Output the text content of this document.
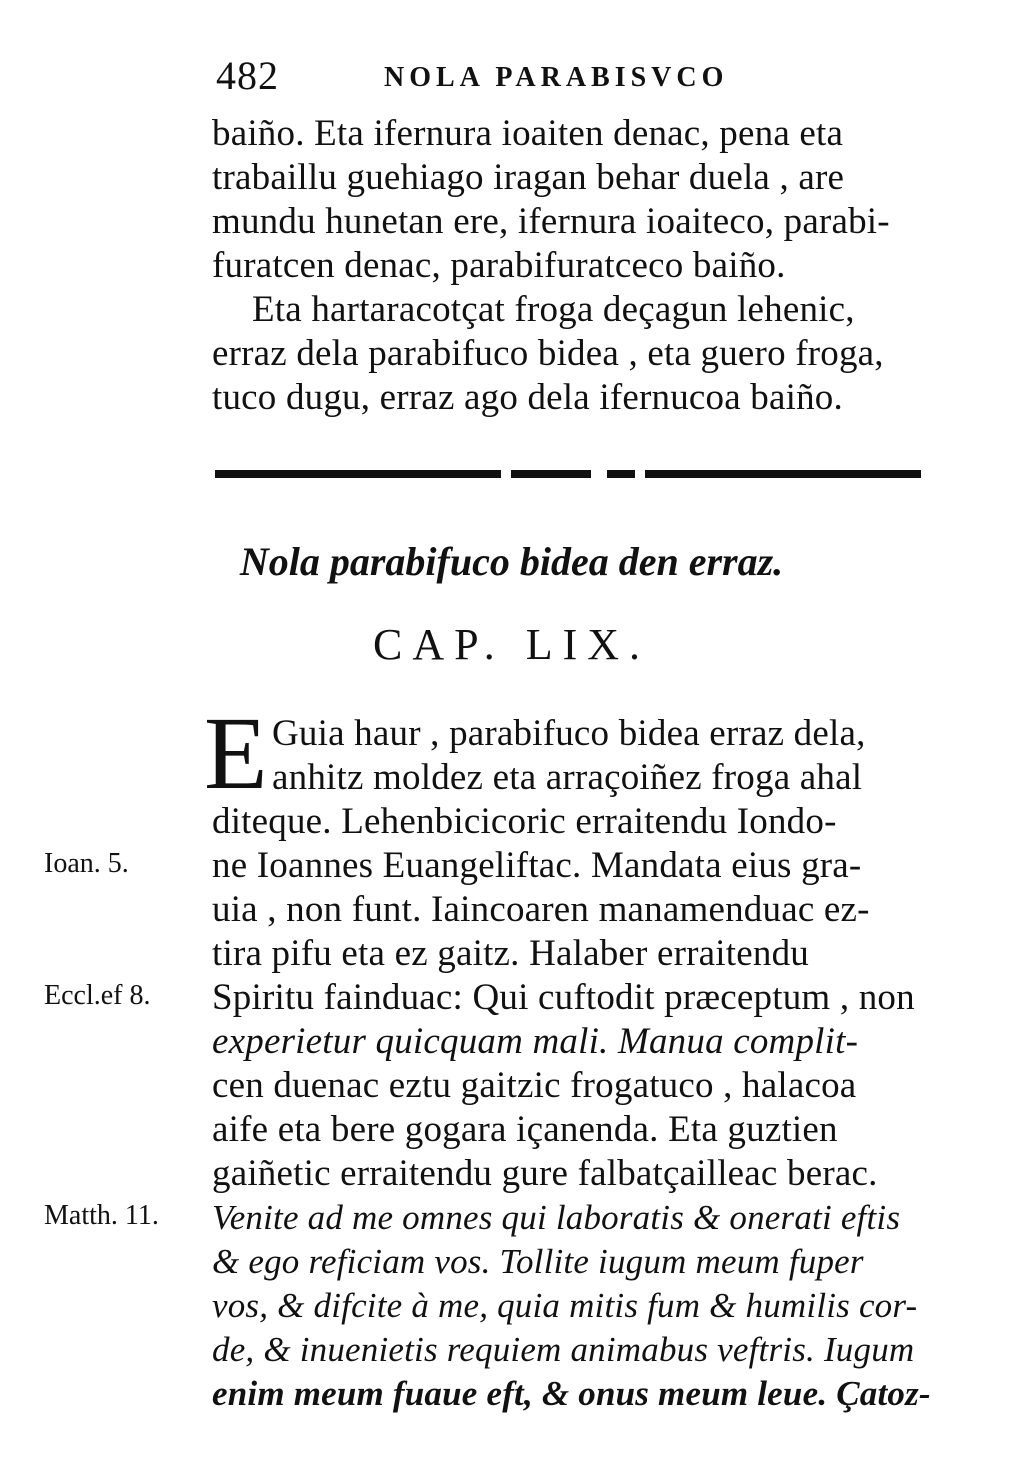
482	NOLA PARABISVCO
baiño. Eta ifernura ioaiten denac, pena eta
trabaillu guehiago iragan behar duela , are
mundu hunetan ere, ifernura ioaiteco, parabi-
furatcen denac, parabifuratceco baiño.
Eta hartaracotçat froga deçagun lehenic,
erraz dela parabifuco bidea , eta guero froga,
tuco dugu, erraz ago dela ifernucoa baiño.
Nola parabifuco bidea den erraz.
CAP. LIX.
E Guia haur , parabifuco bidea erraz dela,
anhitz moldez eta arraçoiñez froga ahal
diteque. Lehenbicicoric erraitendu Iondo-
ne Ioannes Euangeliftac. Mandata eius gra-
uia , non funt. Iaincoaren manamenduac ez-
tira pifu eta ez gaitz. Halaber erraitendu
Spiritu fainduac: Qui cuftodit præceptum , non
experietur quicquam mali. Manua complit-
cen duenac eztu gaitzic frogatuco , halacoa
aife eta bere gogara içanenda. Eta guztien
gaiñetic erraitendu gure falbatçailleac berac.
Venite ad me omnes qui laboratis & onerati eftis
& ego reficiam vos. Tollite iugum meum fuper
vos, & difcite à me, quia mitis fum & humilis cor-
de, & inuenietis requiem animabus veftris. Iugum
enim meum fuaue eft, & onus meum leue. Çatoz-
Ioan. 5.
Eccl.ef 8.
Matth. 11.
